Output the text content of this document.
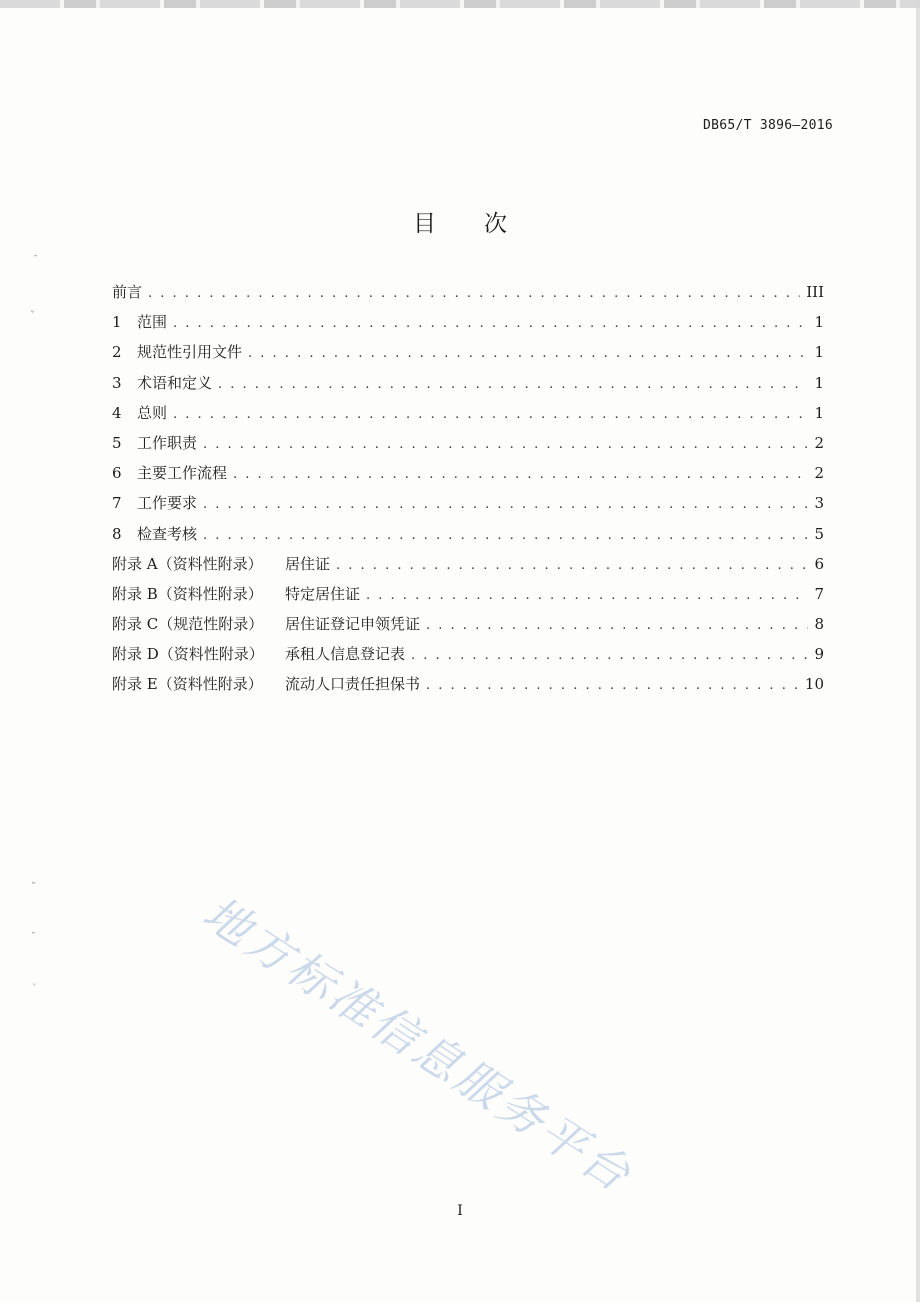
ˉ
ˇ
˜
ˉ
ˋ
DB65/T 3896—2016
目 次
前言 . . .	III
1	范围 . . .	1
2	规范性引用文件 . . .	1
3	术语和定义 . . .	1
4	总则 . . .	1
5	工作职责 . . .	2
6	主要工作流程 . . .	2
7	工作要求 . . .	3
8	检查考核 . . .	5
附录 A（资料性附录）	居住证 . . .	6
附录 B（资料性附录）	特定居住证 . . .	7
附录 C（规范性附录）	居住证登记申领凭证 . . .	8
附录 D（资料性附录）	承租人信息登记表 . . .	9
附录 E（资料性附录）	流动人口责任担保书 . . .	10
地方标准信息服务平台
I
